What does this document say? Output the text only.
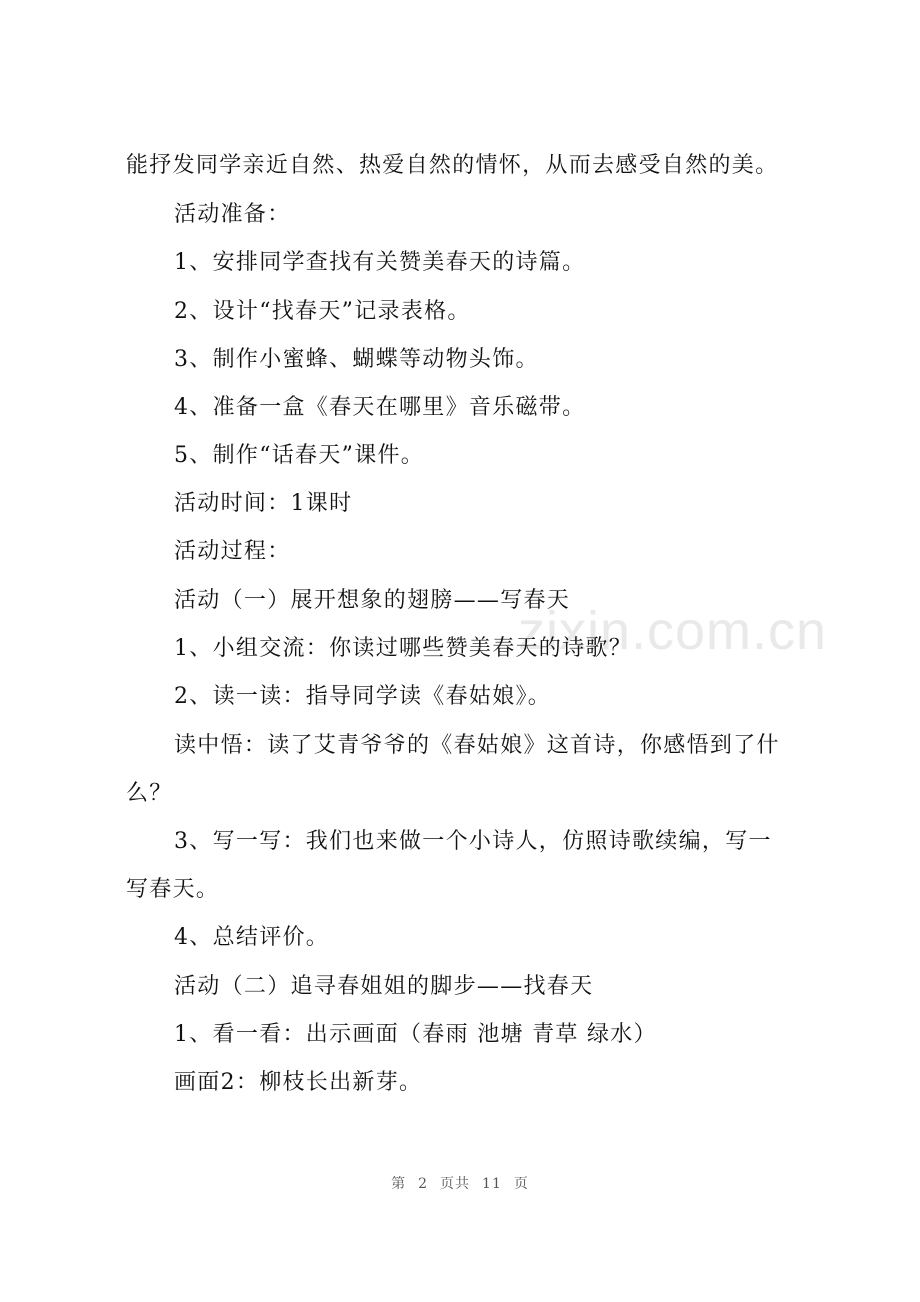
zixin.com.cn
能抒发同学亲近自然、热爱自然的情怀，从而去感受自然的美。
活动准备：
1、安排同学查找有关赞美春天的诗篇。
2、设计“找春天”记录表格。
3、制作小蜜蜂、蝴蝶等动物头饰。
4、准备一盒《春天在哪里》音乐磁带。
5、制作“话春天”课件。
活动时间：1课时
活动过程：
活动（一）展开想象的翅膀——写春天
1、小组交流：你读过哪些赞美春天的诗歌？
2、读一读：指导同学读《春姑娘》。
读中悟：读了艾青爷爷的《春姑娘》这首诗，你感悟到了什
么？
3、写一写：我们也来做一个小诗人，仿照诗歌续编，写一
写春天。
4、总结评价。
活动（二）追寻春姐姐的脚步——找春天
1、看一看：出示画面（春雨 池塘 青草 绿水）
画面2：柳枝长出新芽。
第 2 页共 11 页
